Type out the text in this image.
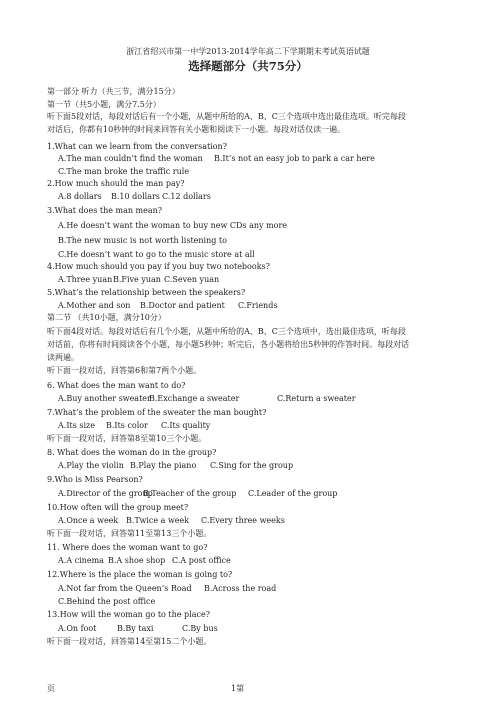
浙江省绍兴市第一中学2013-2014学年高二下学期期末考试英语试题
选择题部分（共75分）
第一部分 听力（共三节，满分15分）
第一节（共5小题，满分7.5分）
听下面5段对话，每段对话后有一个小题，从题中所给的A、B、C三个选项中选出最佳选项。听完每段
对话后，你都有10秒钟的时间来回答有关小题和阅读下一小题。每段对话仅读一遍。
1.What can we learn from the conversation?
A.The man couldn’t find the woman B.It’s not an easy job to park a car here
C.The man broke the traffic rule
2.How much should the man pay?
A.8 dollars B.10 dollars C.12 dollars
3.What does the man mean?
A.He doesn’t want the woman to buy new CDs any more
B.The new music is not worth listening to
C.He doesn’t want to go to the music store at all
4.How much should you pay if you buy two notebooks?
A.Three yuan B.Five yuan C.Seven yuan
5.What’s the relationship between the speakers?
A.Mother and son B.Doctor and patient C.Friends
第二节 （共10小题，满分10分）
听下面4段对话。每段对话后有几个小题，从题中所给的A、B、C三个选项中，选出最佳选项，听每段
对话前，你将有时间阅读各个小题，每小题5秒钟；听完后，各小题将给出5秒钟的作答时间。每段对话
读两遍。
听下面一段对话，回答第6和第7两个小题。
6. What does the man want to do?
A.Buy another sweater
B.Exchange a sweater	C.Return a sweater
7.What’s the problem of the sweater the man bought?
A.Its size B.Its color C.Its quality
听下面一段对话，回答第8至第10三个小题。
8. What does the woman do in the group?
A.Play the violin B.Play the piano C.Sing for the group
9.Who is Miss Pearson?
A.Director of the group
B.Teacher of the group C.Leader of the group
10.How often will the group meet?
A.Once a week B.Twice a week C.Every three weeks
听下面一段对话，回答第11至第13三个小题。
11. Where does the woman want to go?
A.A cinema B.A shoe shop C.A post office
12.Where is the place the woman is going to?
A.Not far from the Queen’s Road B.Across the road
C.Behind the post office
13.How will the woman go to the place?
A.On foot	B.By taxi	C.By bus
听下面一段对话，回答第14至第15二个小题。
页	1第
